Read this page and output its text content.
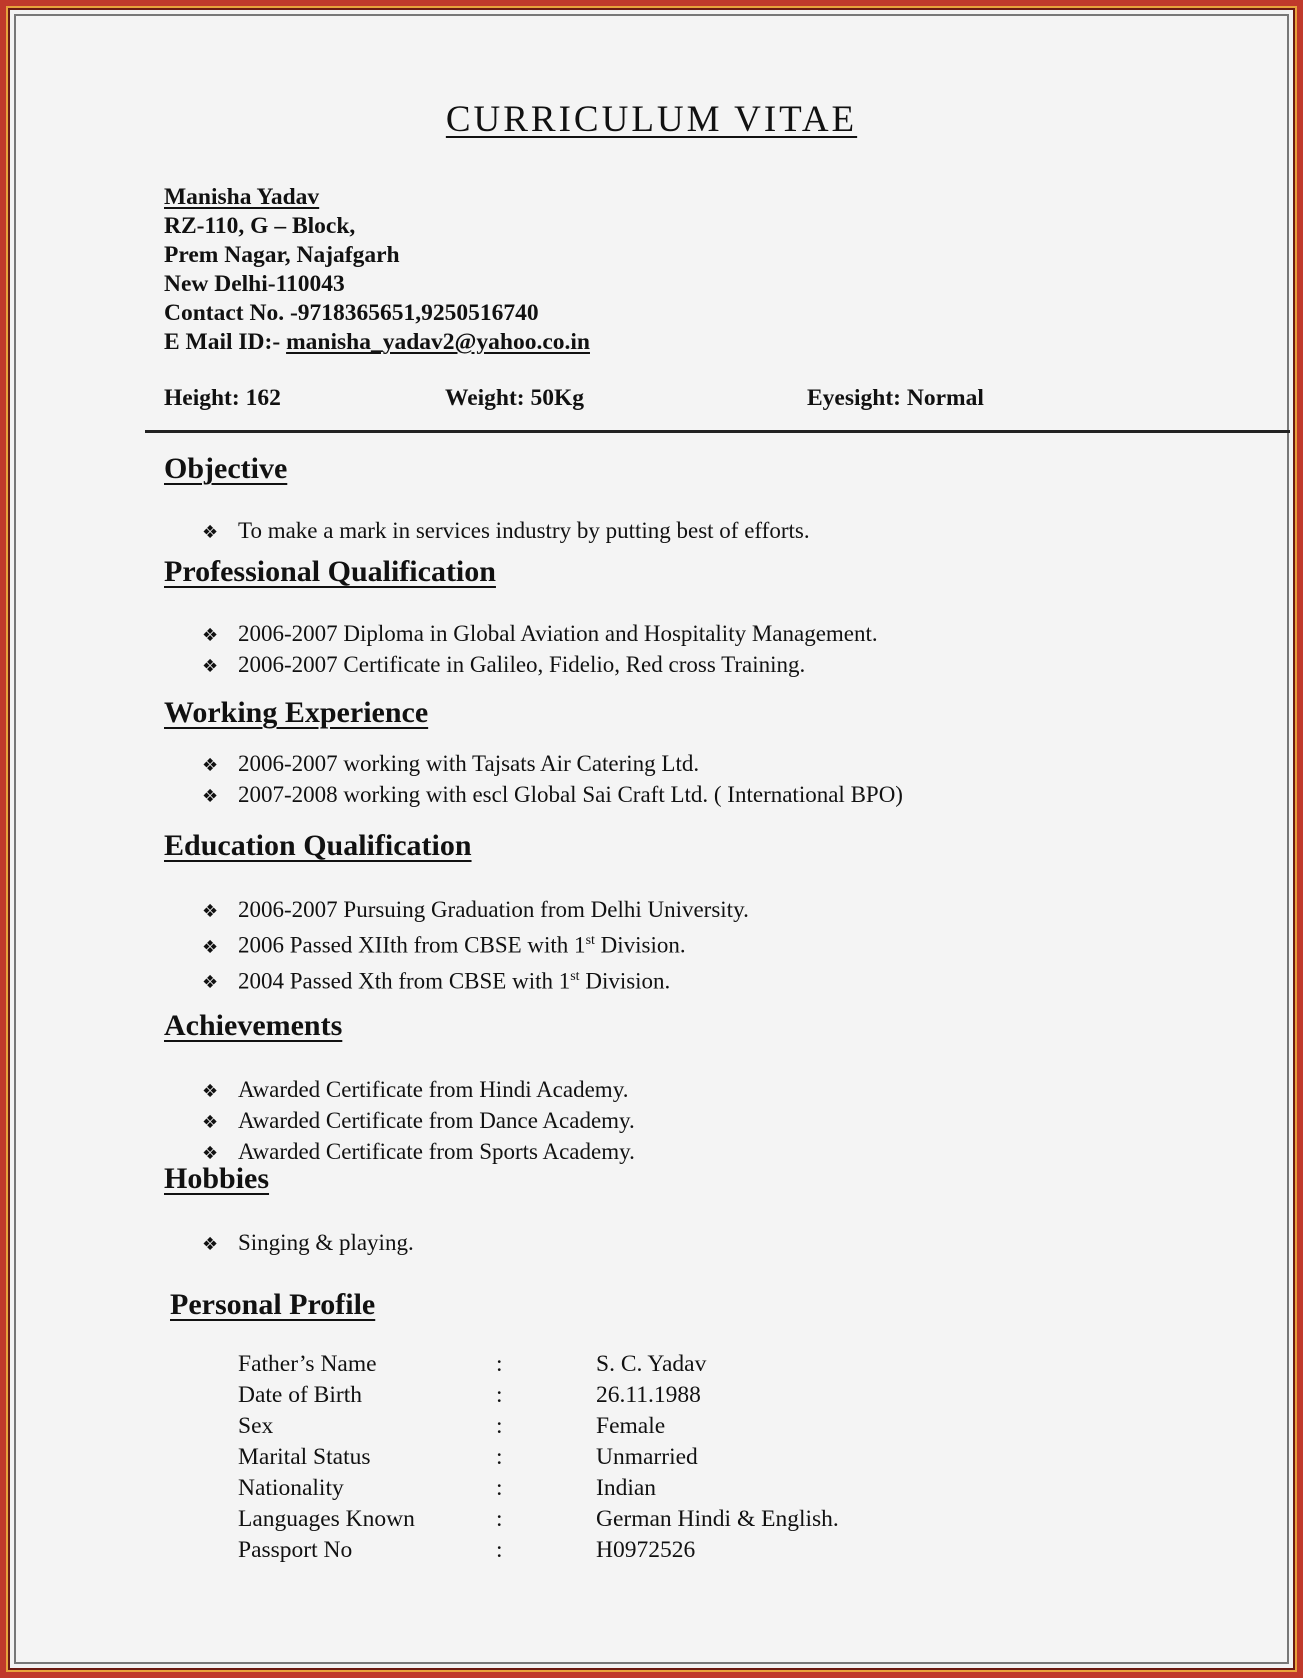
CURRICULUM VITAE
Manisha Yadav
RZ-110, G – Block,
Prem Nagar, Najafgarh
New Delhi-110043
Contact No. -9718365651,9250516740
E Mail ID:- manisha_yadav2@yahoo.co.in
Height: 162	Weight: 50Kg	Eyesight: Normal
Objective
❖ To make a mark in services industry by putting best of efforts.
Professional Qualification
❖ 2006-2007 Diploma in Global Aviation and Hospitality Management.
❖ 2006-2007 Certificate in Galileo, Fidelio, Red cross Training.
Working Experience
❖ 2006-2007 working with Tajsats Air Catering Ltd.
❖ 2007-2008 working with escl Global Sai Craft Ltd. ( International BPO)
Education Qualification
❖ 2006-2007 Pursuing Graduation from Delhi University.
❖ 2006 Passed XIIth from CBSE with 1st Division.
❖ 2004 Passed Xth from CBSE with 1st Division.
Achievements
❖ Awarded Certificate from Hindi Academy.
❖ Awarded Certificate from Dance Academy.
❖ Awarded Certificate from Sports Academy.
Hobbies
❖ Singing & playing.
Personal Profile
Father’s Name	:	S. C. Yadav
Date of Birth	:	26.11.1988
Sex	:	Female
Marital Status	:	Unmarried
Nationality	:	Indian
Languages Known	:	German Hindi & English.
Passport No	:	H0972526
